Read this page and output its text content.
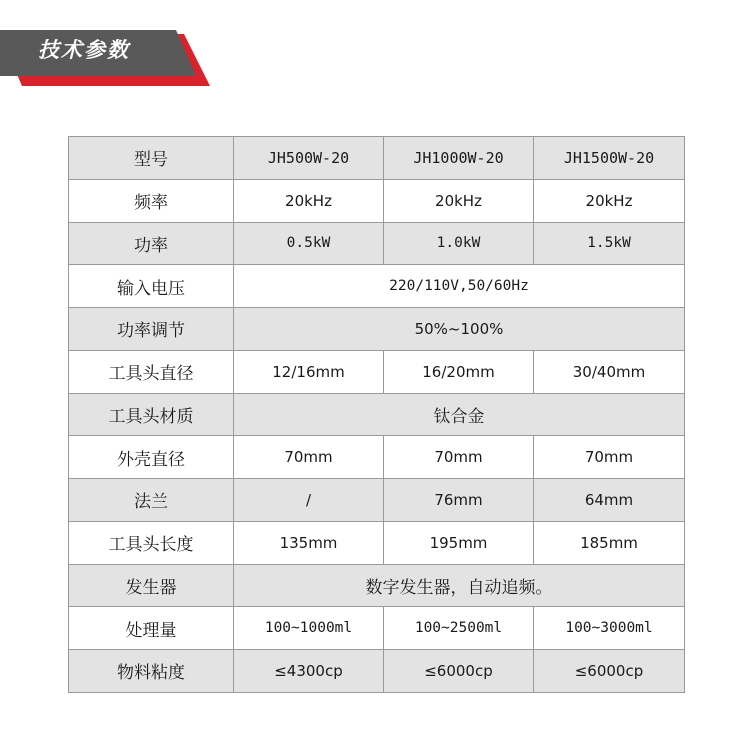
技术参数
型号	JH500W-20	JH1000W-20	JH1500W-20
频率	20kHz	20kHz	20kHz
功率	0.5kW	1.0kW	1.5kW
输入电压	220/110V,50/60Hz		
功率调节	50%~100%		
工具头直径	12/16mm	16/20mm	30/40mm
工具头材质	钛合金		
外壳直径	70mm	70mm	70mm
法兰	/	76mm	64mm
工具头长度	135mm	195mm	185mm
发生器	数字发生器，自动追频。		
处理量	100~1000ml	100~2500ml	100~3000ml
物料粘度	≤4300cp	≤6000cp	≤6000cp
